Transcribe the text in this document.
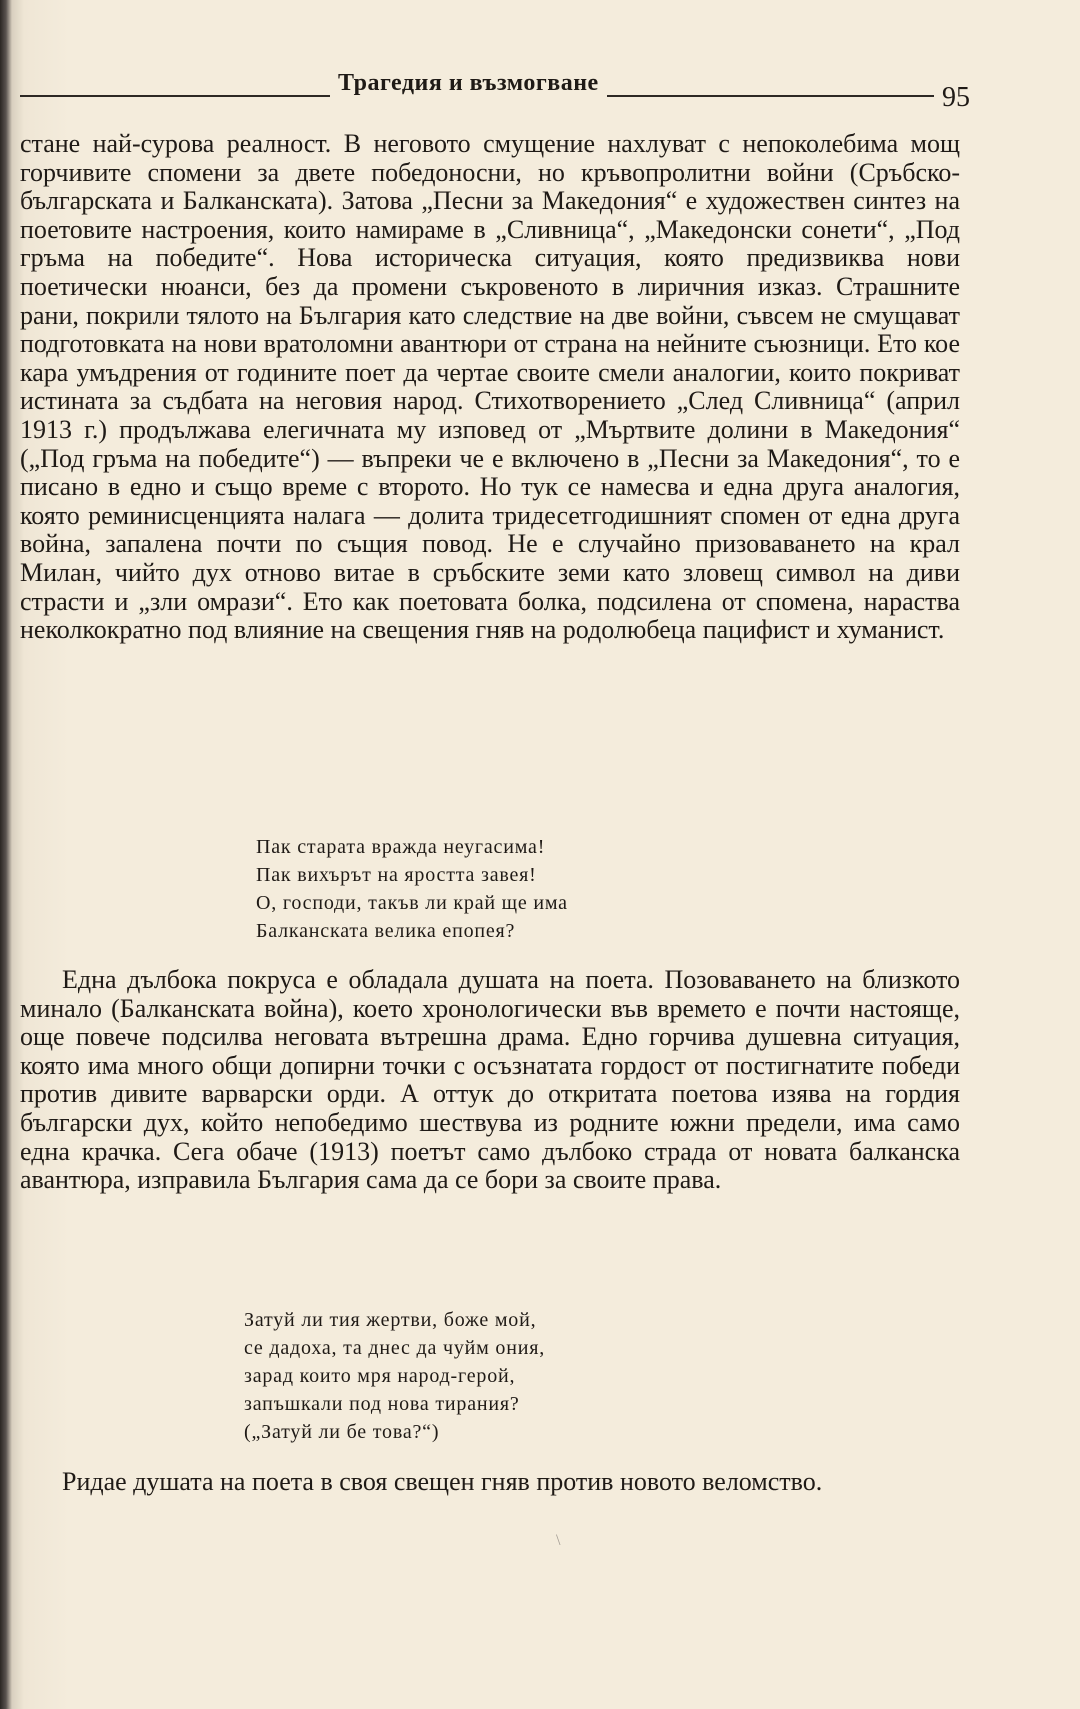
Трагедия и възмогване	95
стане най-сурова реалност. В неговото смущение нахлуват с непоколебима мощ горчивите спомени за двете победоносни, но кръвопролитни войни (Сръбско-българската и Балканската). Затова „Песни за Македония“ е художествен синтез на поетовите настроения, които намираме в „Сливница“, „Македонски сонети“, „Под гръма на победите“. Нова историческа ситуация, която предизвиква нови поетически нюанси, без да промени съкровеното в лиричния изказ. Страшните рани, покрили тялото на България като следствие на две войни, съвсем не смущават подготовката на нови вратоломни авантюри от страна на нейните съюзници. Ето кое кара умъдрения от годините поет да чертае своите смели аналогии, които покриват истината за съдбата на неговия народ. Стихотворението „След Сливница“ (април 1913 г.) продължава елегичната му изповед от „Мъртвите долини в Македония“ („Под гръма на победите“) — въпреки че е включено в „Песни за Македония“, то е писано в едно и също време с второто. Но тук се намесва и една друга аналогия, която реминисценцията налага — долита тридесетгодишният спомен от една друга война, запалена почти по същия повод. Не е случайно призоваването на крал Милан, чийто дух отново витае в сръбските земи като зловещ символ на диви страсти и „зли омрази“. Ето как поетовата болка, подсилена от спомена, нараства неколкократно под влияние на свещения гняв на родолюбеца пацифист и хуманист.
Пак старата вражда неугасима!
Пак вихърът на яростта завея!
О, господи, такъв ли край ще има
Балканската велика епопея?
Една дълбока покруса е обладала душата на поета. Позоваването на близкото минало (Балканската война), което хронологически във времето е почти настояще, още повече подсилва неговата вътрешна драма. Едно горчива душевна ситуация, която има много общи допирни точки с осъзнатата гордост от постигнатите победи против дивите варварски орди. А оттук до откритата поетова изява на гордия български дух, който непобедимо шествува из родните южни предели, има само една крачка. Сега обаче (1913) поетът само дълбоко страда от новата балканска авантюра, изправила България сама да се бори за своите права.
Затуй ли тия жертви, боже мой,
се дадоха, та днес да чуйм ония,
зарад които мря народ-герой,
запъшкали под нова тирания?
(„Затуй ли бе това?“)
Ридае душата на поета в своя свещен гняв против новото веломство.
\
